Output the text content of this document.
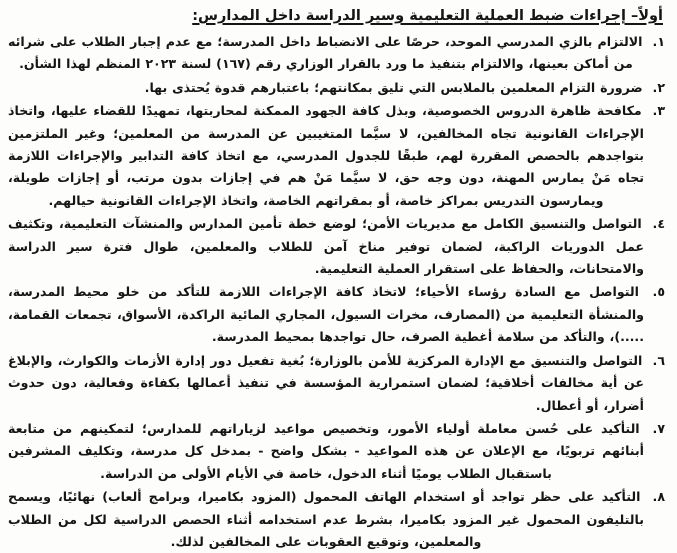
أولاً– إجراءات ضبط العملية التعليمية وسير الدراسة داخل المدارس:

١. الالتزام بالزي المدرسي الموحد، حرصًا على الانضباط داخل المدرسة؛ مع عدم إجبار الطلاب على شرائه من أماكن بعينها، والالتزام بتنفيذ ما ورد بالقرار الوزاري رقم (١٦٧) لسنة ٢٠٢٣ المنظم لهذا الشأن.

٢. ضرورة التزام المعلمين بالملابس التي تليق بمكانتهم؛ باعتبارهم قدوة يُحتذى بها.

٣. مكافحة ظاهرة الدروس الخصوصية، وبذل كافة الجهود الممكنة لمحاربتها، تمهيدًا للقضاء عليها، واتخاذ الإجراءات القانونية تجاه المخالفين، لا سيَّما المتغيبين عن المدرسة من المعلمين؛ وغير الملتزمين بتواجدهم بالحصص المقررة لهم، طبقًا للجدول المدرسي، مع اتخاذ كافة التدابير والإجراءات اللازمة تجاه مَنْ يمارس المهنة، دون وجه حق، لا سيَّما مَنْ هم في إجازات بدون مرتب، أو إجازات طويلة، ويمارسون التدريس بمراكز خاصة، أو بمقراتهم الخاصة، واتخاذ الإجراءات القانونية حيالهم.

٤. التواصل والتنسيق الكامل مع مديريات الأمن؛ لوضع خطة تأمين المدارس والمنشآت التعليمية، وتكثيف عمل الدوريات الراكبة، لضمان توفير مناخ آمن للطلاب والمعلمين، طوال فترة سير الدراسة والامتحانات، والحفاظ على استقرار العملية التعليمية.

٥. التواصل مع السادة رؤساء الأحياء؛ لاتخاذ كافة الإجراءات اللازمة للتأكد من خلو محيط المدرسة، والمنشأة التعليمية من (المصارف، مخرات السيول، المجاري المائية الراكدة، الأسواق، تجمعات القمامة، .....)، والتأكد من سلامة أغطية الصرف، حال تواجدها بمحيط المدرسة.

٦. التواصل والتنسيق مع الإدارة المركزية للأمن بالوزارة؛ بُغية تفعيل دور إدارة الأزمات والكوارث، والإبلاغ عن أية مخالفات أخلاقية؛ لضمان استمرارية المؤسسة في تنفيذ أعمالها بكفاءة وفعالية، دون حدوث أضرار، أو أعطال.

٧. التأكيد على حُسن معاملة أولياء الأمور، وتخصيص مواعيد لزياراتهم للمدارس؛ لتمكينهم من متابعة أبنائهم تربويًا، مع الإعلان عن هذه المواعيد - بشكل واضح - بمدخل كل مدرسة، وتكليف المشرفين باستقبال الطلاب يوميًا أثناء الدخول، خاصة في الأيام الأولى من الدراسة.

٨. التأكيد على حظر تواجد أو استخدام الهاتف المحمول (المزود بكاميرا، وبرامج ألعاب) نهائيًا، ويسمح بالتليفون المحمول غير المزود بكاميرا، بشرط عدم استخدامه أثناء الحصص الدراسية لكل من الطلاب والمعلمين، وتوقيع العقوبات على المخالفين لذلك.
